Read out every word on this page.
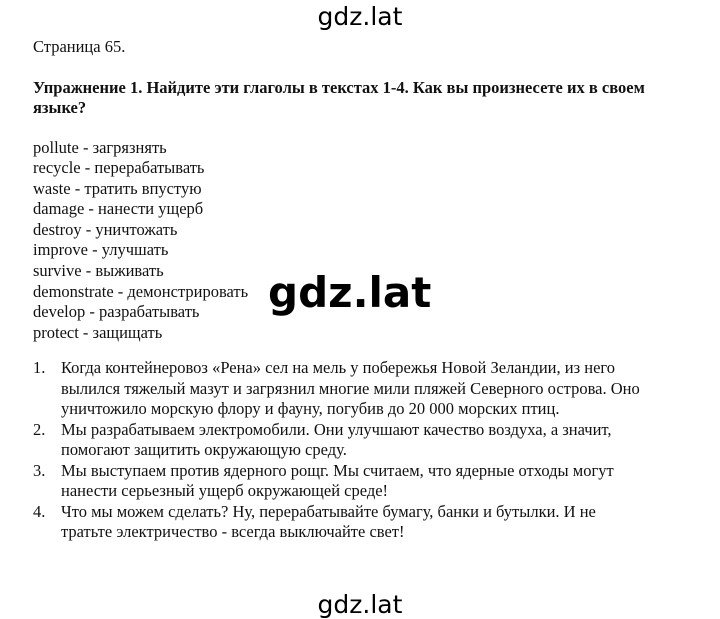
gdz.lat
Страница 65.
Упражнение 1. Найдите эти глаголы в текстах 1-4. Как вы произнесете их в своем языке?
pollute - загрязнять
recycle - перерабатывать
waste - тратить впустую
damage - нанести ущерб
destroy - уничтожать
improve - улучшать
survive - выживать
demonstrate - демонстрировать
develop - разрабатывать
protect - защищать
1. Когда контейнеровоз «Рена» сел на мель у побережья Новой Зеландии, из него вылился тяжелый мазут и загрязнил многие мили пляжей Северного острова. Оно уничтожило морскую флору и фауну, погубив до 20 000 морских птиц.
2. Мы разрабатываем электромобили. Они улучшают качество воздуха, а значит, помогают защитить окружающую среду.
3. Мы выступаем против ядерного рощг. Мы считаем, что ядерные отходы могут нанести серьезный ущерб окружающей среде!
4. Что мы можем сделать? Ну, перерабатывайте бумагу, банки и бутылки. И не тратьте электричество - всегда выключайте свет!
gdz.lat
gdz.lat
